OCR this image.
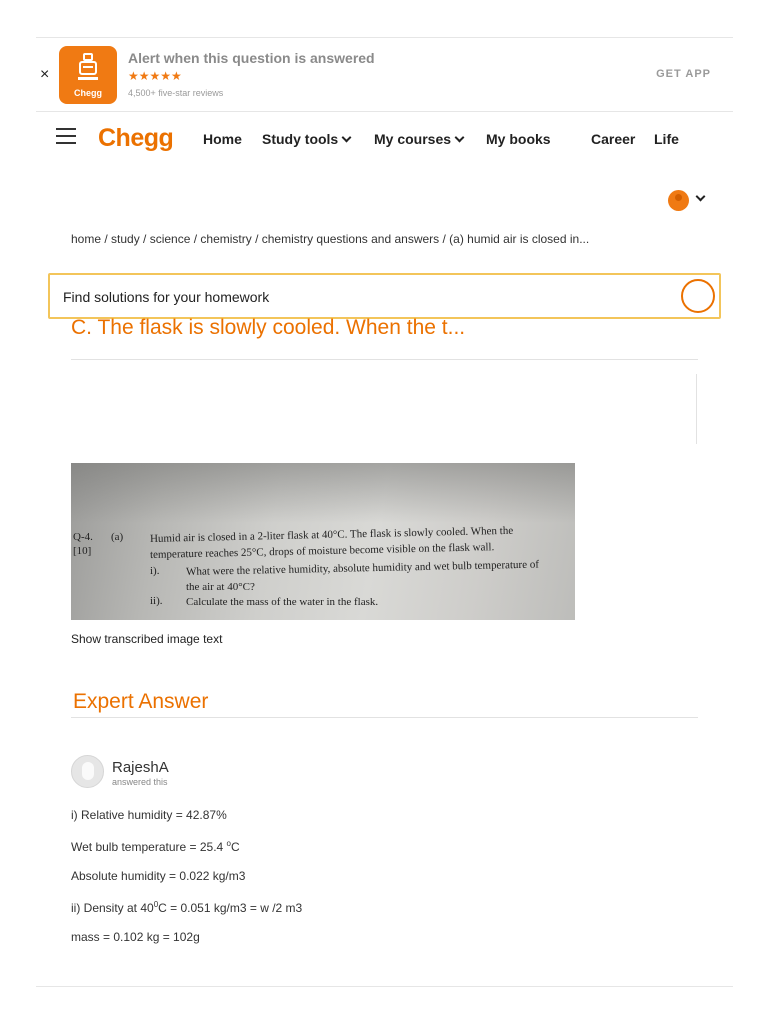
×
Chegg
Alert when this question is answered
★★★★★
4,500+ five-star reviews
GET APP
Chegg Home Study tools	My courses	My books	Career Life
home / study / science / chemistry / chemistry questions and answers / (a) humid air is closed in...
Find solutions for your homework
C. The flask is slowly cooled. When the t...
Q-4.
[10]
(a) Humid air is closed in a 2-liter flask at 40°C. The flask is slowly cooled. When the
temperature reaches 25°C, drops of moisture become visible on the flask wall.
i). What were the relative humidity, absolute humidity and wet bulb temperature of
the air at 40°C?
ii). Calculate the mass of the water in the flask.
Show transcribed image text
Expert Answer
RajeshA
answered this
i) Relative humidity = 42.87%
Wet bulb temperature = 25.4 $^o$C
Absolute humidity = 0.022 kg/m3
ii) Density at $40^0C = 0.051$ kg/m3 = w /2 m3
mass = 0.102 kg = 102g
